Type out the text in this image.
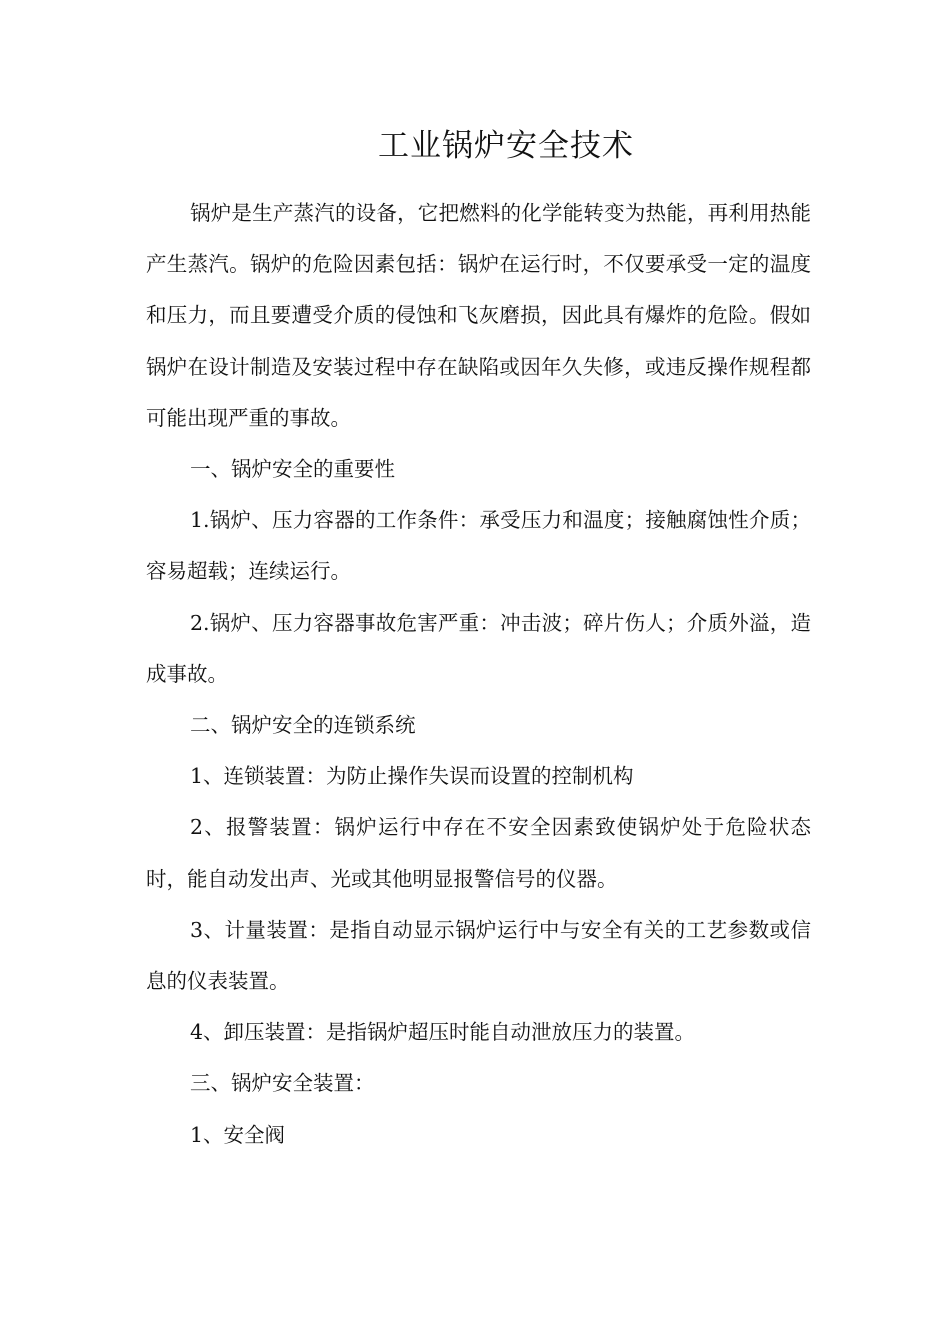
工业锅炉安全技术

锅炉是生产蒸汽的设备，它把燃料的化学能转变为热能，再利用热能产生蒸汽。锅炉的危险因素包括：锅炉在运行时，不仅要承受一定的温度和压力，而且要遭受介质的侵蚀和飞灰磨损，因此具有爆炸的危险。假如锅炉在设计制造及安装过程中存在缺陷或因年久失修，或违反操作规程都可能出现严重的事故。

一、锅炉安全的重要性

1.锅炉、压力容器的工作条件：承受压力和温度；接触腐蚀性介质；容易超载；连续运行。

2.锅炉、压力容器事故危害严重：冲击波；碎片伤人；介质外溢，造成事故。

二、锅炉安全的连锁系统

1、连锁装置：为防止操作失误而设置的控制机构

2、报警装置：锅炉运行中存在不安全因素致使锅炉处于危险状态时，能自动发出声、光或其他明显报警信号的仪器。

3、计量装置：是指自动显示锅炉运行中与安全有关的工艺参数或信息的仪表装置。

4、卸压装置：是指锅炉超压时能自动泄放压力的装置。

三、锅炉安全装置：

1、安全阀
